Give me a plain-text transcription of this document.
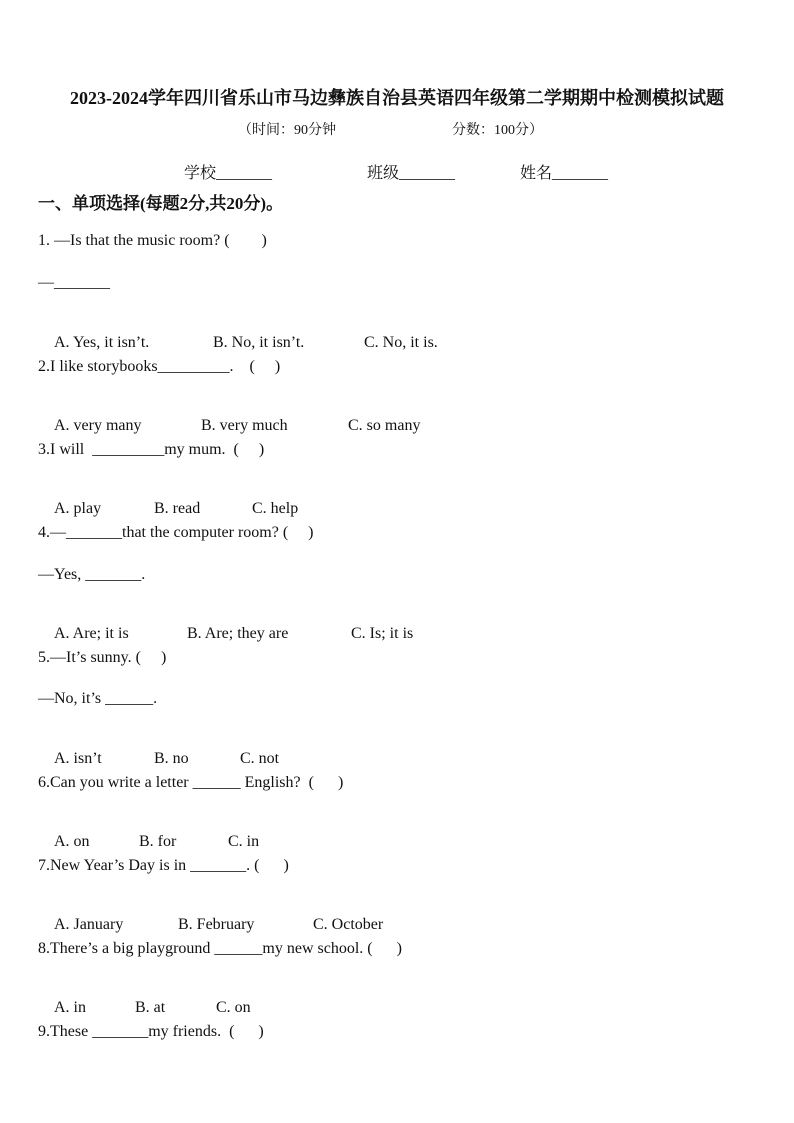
2023-2024学年四川省乐山市马边彝族自治县英语四年级第二学期期中检测模拟试题
（时间：90分钟	分数：100分）
学校_______	班级_______	姓名_______
一、单项选择(每题2分,共20分)。
1. —Is that the music room? (        )
—_______

A. Yes, it isn’t.	B. No, it isn’t.	C. No, it is.

2.I like storybooks_________.    (     )

A. very many	B. very much	C. so many

3.I will  _________my mum.  (     )

A. play	B. read	C. help

4.—_______that the computer room? (     )
—Yes, _______.

A. Are; it is	B. Are; they are	C. Is; it is

5.—It’s sunny. (     )
—No, it’s ______.

A. isn’t	B. no	C. not

6.Can you write a letter ______ English?  (      )

A. on	B. for	C. in

7.New Year’s Day is in _______. (      )

A. January	B. February	C. October

8.There’s a big playground ______my new school. (      )

A. in	B. at	C. on

9.These _______my friends.  (      )
